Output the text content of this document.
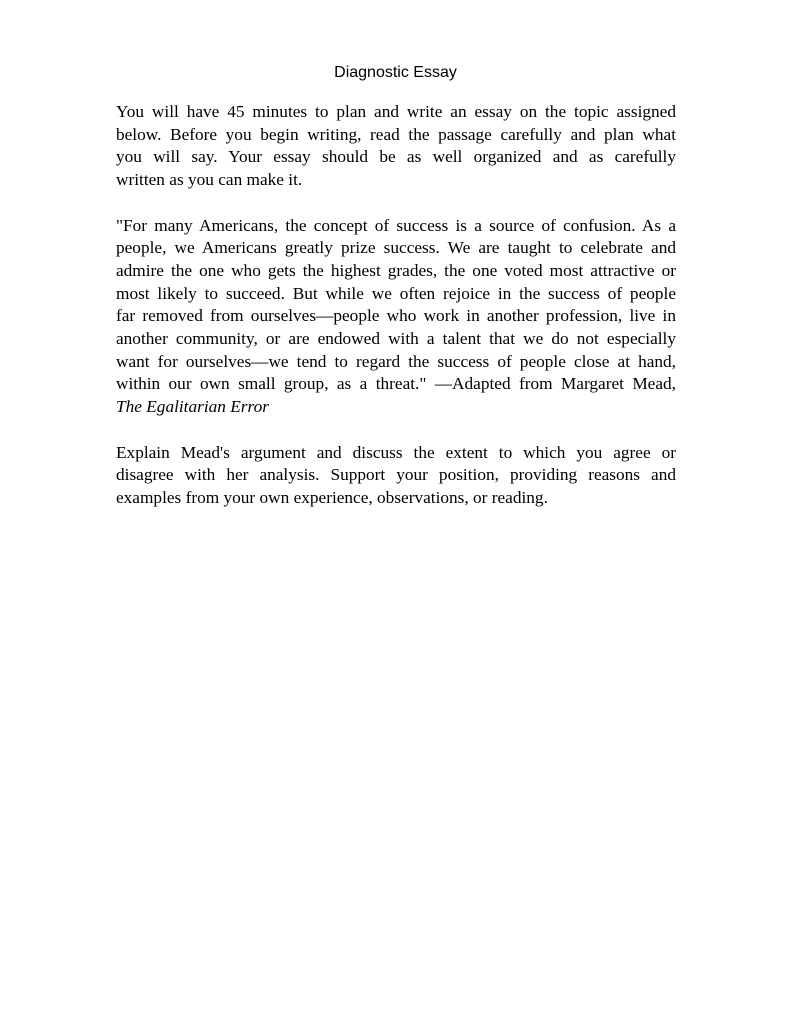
Diagnostic Essay
You will have 45 minutes to plan and write an essay on the topic assigned
below. Before you begin writing, read the passage carefully and plan what
you will say. Your essay should be as well organized and as carefully
written as you can make it.
"For many Americans, the concept of success is a source of confusion. As a
people, we Americans greatly prize success. We are taught to celebrate and
admire the one who gets the highest grades, the one voted most attractive or
most likely to succeed. But while we often rejoice in the success of people
far removed from ourselves—people who work in another profession, live in
another community, or are endowed with a talent that we do not especially
want for ourselves—we tend to regard the success of people close at hand,
within our own small group, as a threat." —Adapted from Margaret Mead,
The Egalitarian Error
Explain Mead's argument and discuss the extent to which you agree or
disagree with her analysis. Support your position, providing reasons and
examples from your own experience, observations, or reading.
